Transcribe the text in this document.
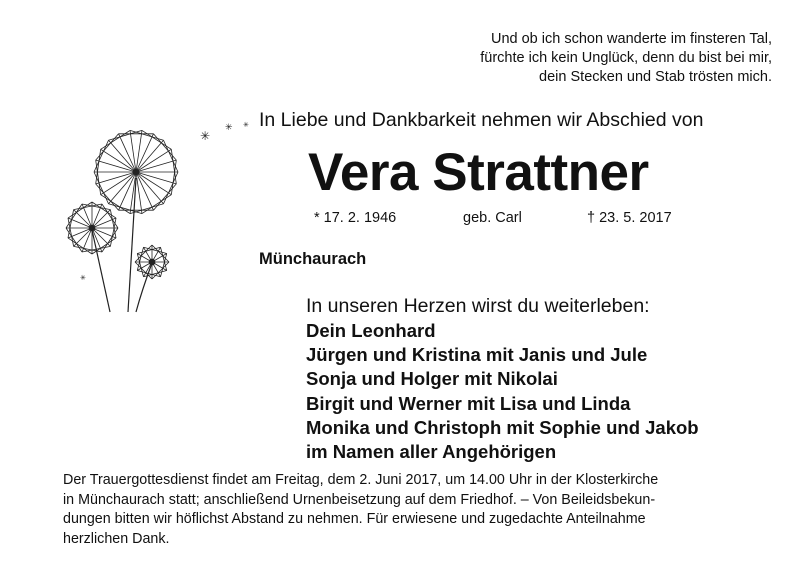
Und ob ich schon wanderte im finsteren Tal,
fürchte ich kein Unglück, denn du bist bei mir,
dein Stecken und Stab trösten mich.
✳
✳ ✳
✳
In Liebe und Dankbarkeit nehmen wir Abschied von
Vera Strattner
* 17. 2. 1946	geb. Carl	† 23. 5. 2017
Münchaurach
In unseren Herzen wirst du weiterleben:
Dein Leonhard
Jürgen und Kristina mit Janis und Jule
Sonja und Holger mit Nikolai
Birgit und Werner mit Lisa und Linda
Monika und Christoph mit Sophie und Jakob
im Namen aller Angehörigen
Der Trauergottesdienst findet am Freitag, dem 2. Juni 2017, um 14.00 Uhr in der Klosterkirche
in Münchaurach statt; anschließend Urnenbeisetzung auf dem Friedhof. – Von Beileidsbekun-
dungen bitten wir höflichst Abstand zu nehmen. Für erwiesene und zugedachte Anteilnahme
herzlichen Dank.
